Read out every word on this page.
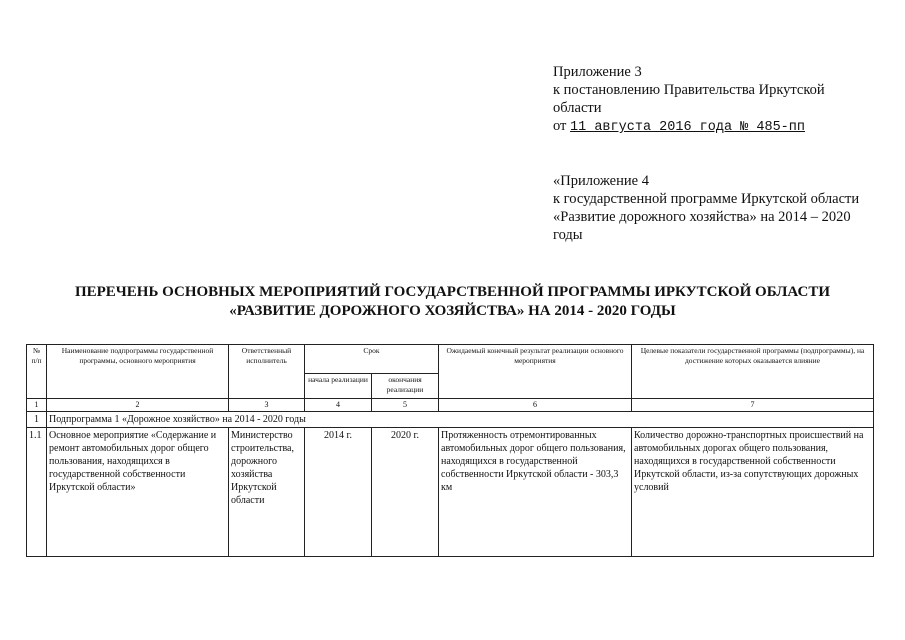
Приложение 3
к постановлению Правительства Иркутской
области
от 11 августа 2016 года № 485-пп
«Приложение 4
к государственной программе Иркутской области
«Развитие дорожного хозяйства» на 2014 – 2020
годы
ПЕРЕЧЕНЬ ОСНОВНЫХ МЕРОПРИЯТИЙ ГОСУДАРСТВЕННОЙ ПРОГРАММЫ ИРКУТСКОЙ ОБЛАСТИ
«РАЗВИТИЕ ДОРОЖНОГО ХОЗЯЙСТВА» НА 2014 - 2020 ГОДЫ
№ п/п	Наименование подпрограммы государственной программы, основного мероприятия	Ответственный исполнитель	Срок		Ожидаемый конечный результат реализации основного мероприятия	Целевые показатели государственной программы (подпрограммы), на достижение которых оказывается влияние
			начала реализации	окончания реализации		
1	2	3	4	5	6	7
1	Подпрограмма 1 «Дорожное хозяйство» на 2014 - 2020 годы					
1.1	Основное мероприятие «Содержание и ремонт автомобильных дорог общего пользования, находящихся в государственной собственности Иркутской области»	Министерство строительства, дорожного хозяйства Иркутской области	2014 г.	2020 г.	Протяженность отремонтированных автомобильных дорог общего пользования, находящихся в государственной собственности Иркутской области - 303,3 км	Количество дорожно-транспортных происшествий на автомобильных дорогах общего пользования, находящихся в государственной собственности Иркутской области, из-за сопутствующих дорожных условий
